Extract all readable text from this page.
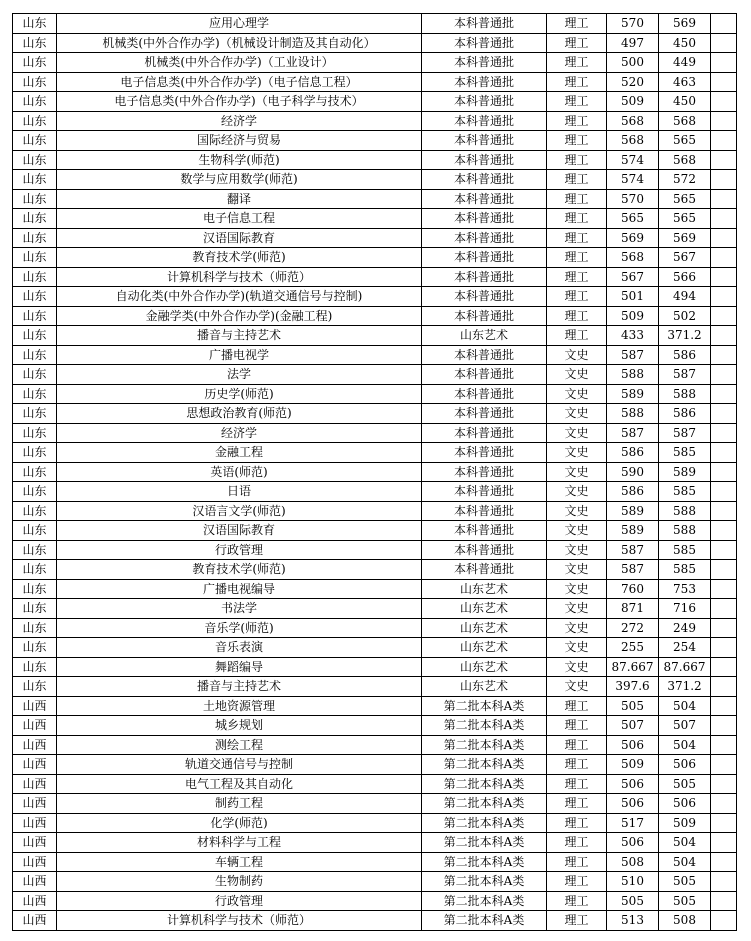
山东	应用心理学	本科普通批	理工	570	569	
山东	机械类(中外合作办学)（机械设计制造及其自动化）	本科普通批	理工	497	450	
山东	机械类(中外合作办学)（工业设计）	本科普通批	理工	500	449	
山东	电子信息类(中外合作办学)（电子信息工程）	本科普通批	理工	520	463	
山东	电子信息类(中外合作办学)（电子科学与技术）	本科普通批	理工	509	450	
山东	经济学	本科普通批	理工	568	568	
山东	国际经济与贸易	本科普通批	理工	568	565	
山东	生物科学(师范)	本科普通批	理工	574	568	
山东	数学与应用数学(师范)	本科普通批	理工	574	572	
山东	翻译	本科普通批	理工	570	565	
山东	电子信息工程	本科普通批	理工	565	565	
山东	汉语国际教育	本科普通批	理工	569	569	
山东	教育技术学(师范)	本科普通批	理工	568	567	
山东	计算机科学与技术（师范）	本科普通批	理工	567	566	
山东	自动化类(中外合作办学)(轨道交通信号与控制)	本科普通批	理工	501	494	
山东	金融学类(中外合作办学)(金融工程)	本科普通批	理工	509	502	
山东	播音与主持艺术	山东艺术	理工	433	371.2	
山东	广播电视学	本科普通批	文史	587	586	
山东	法学	本科普通批	文史	588	587	
山东	历史学(师范)	本科普通批	文史	589	588	
山东	思想政治教育(师范)	本科普通批	文史	588	586	
山东	经济学	本科普通批	文史	587	587	
山东	金融工程	本科普通批	文史	586	585	
山东	英语(师范)	本科普通批	文史	590	589	
山东	日语	本科普通批	文史	586	585	
山东	汉语言文学(师范)	本科普通批	文史	589	588	
山东	汉语国际教育	本科普通批	文史	589	588	
山东	行政管理	本科普通批	文史	587	585	
山东	教育技术学(师范)	本科普通批	文史	587	585	
山东	广播电视编导	山东艺术	文史	760	753	
山东	书法学	山东艺术	文史	871	716	
山东	音乐学(师范)	山东艺术	文史	272	249	
山东	音乐表演	山东艺术	文史	255	254	
山东	舞蹈编导	山东艺术	文史	87.667	87.667	
山东	播音与主持艺术	山东艺术	文史	397.6	371.2	
山西	土地资源管理	第二批本科A类	理工	505	504	
山西	城乡规划	第二批本科A类	理工	507	507	
山西	测绘工程	第二批本科A类	理工	506	504	
山西	轨道交通信号与控制	第二批本科A类	理工	509	506	
山西	电气工程及其自动化	第二批本科A类	理工	506	505	
山西	制药工程	第二批本科A类	理工	506	506	
山西	化学(师范)	第二批本科A类	理工	517	509	
山西	材料科学与工程	第二批本科A类	理工	506	504	
山西	车辆工程	第二批本科A类	理工	508	504	
山西	生物制药	第二批本科A类	理工	510	505	
山西	行政管理	第二批本科A类	理工	505	505	
山西	计算机科学与技术（师范）	第二批本科A类	理工	513	508	
